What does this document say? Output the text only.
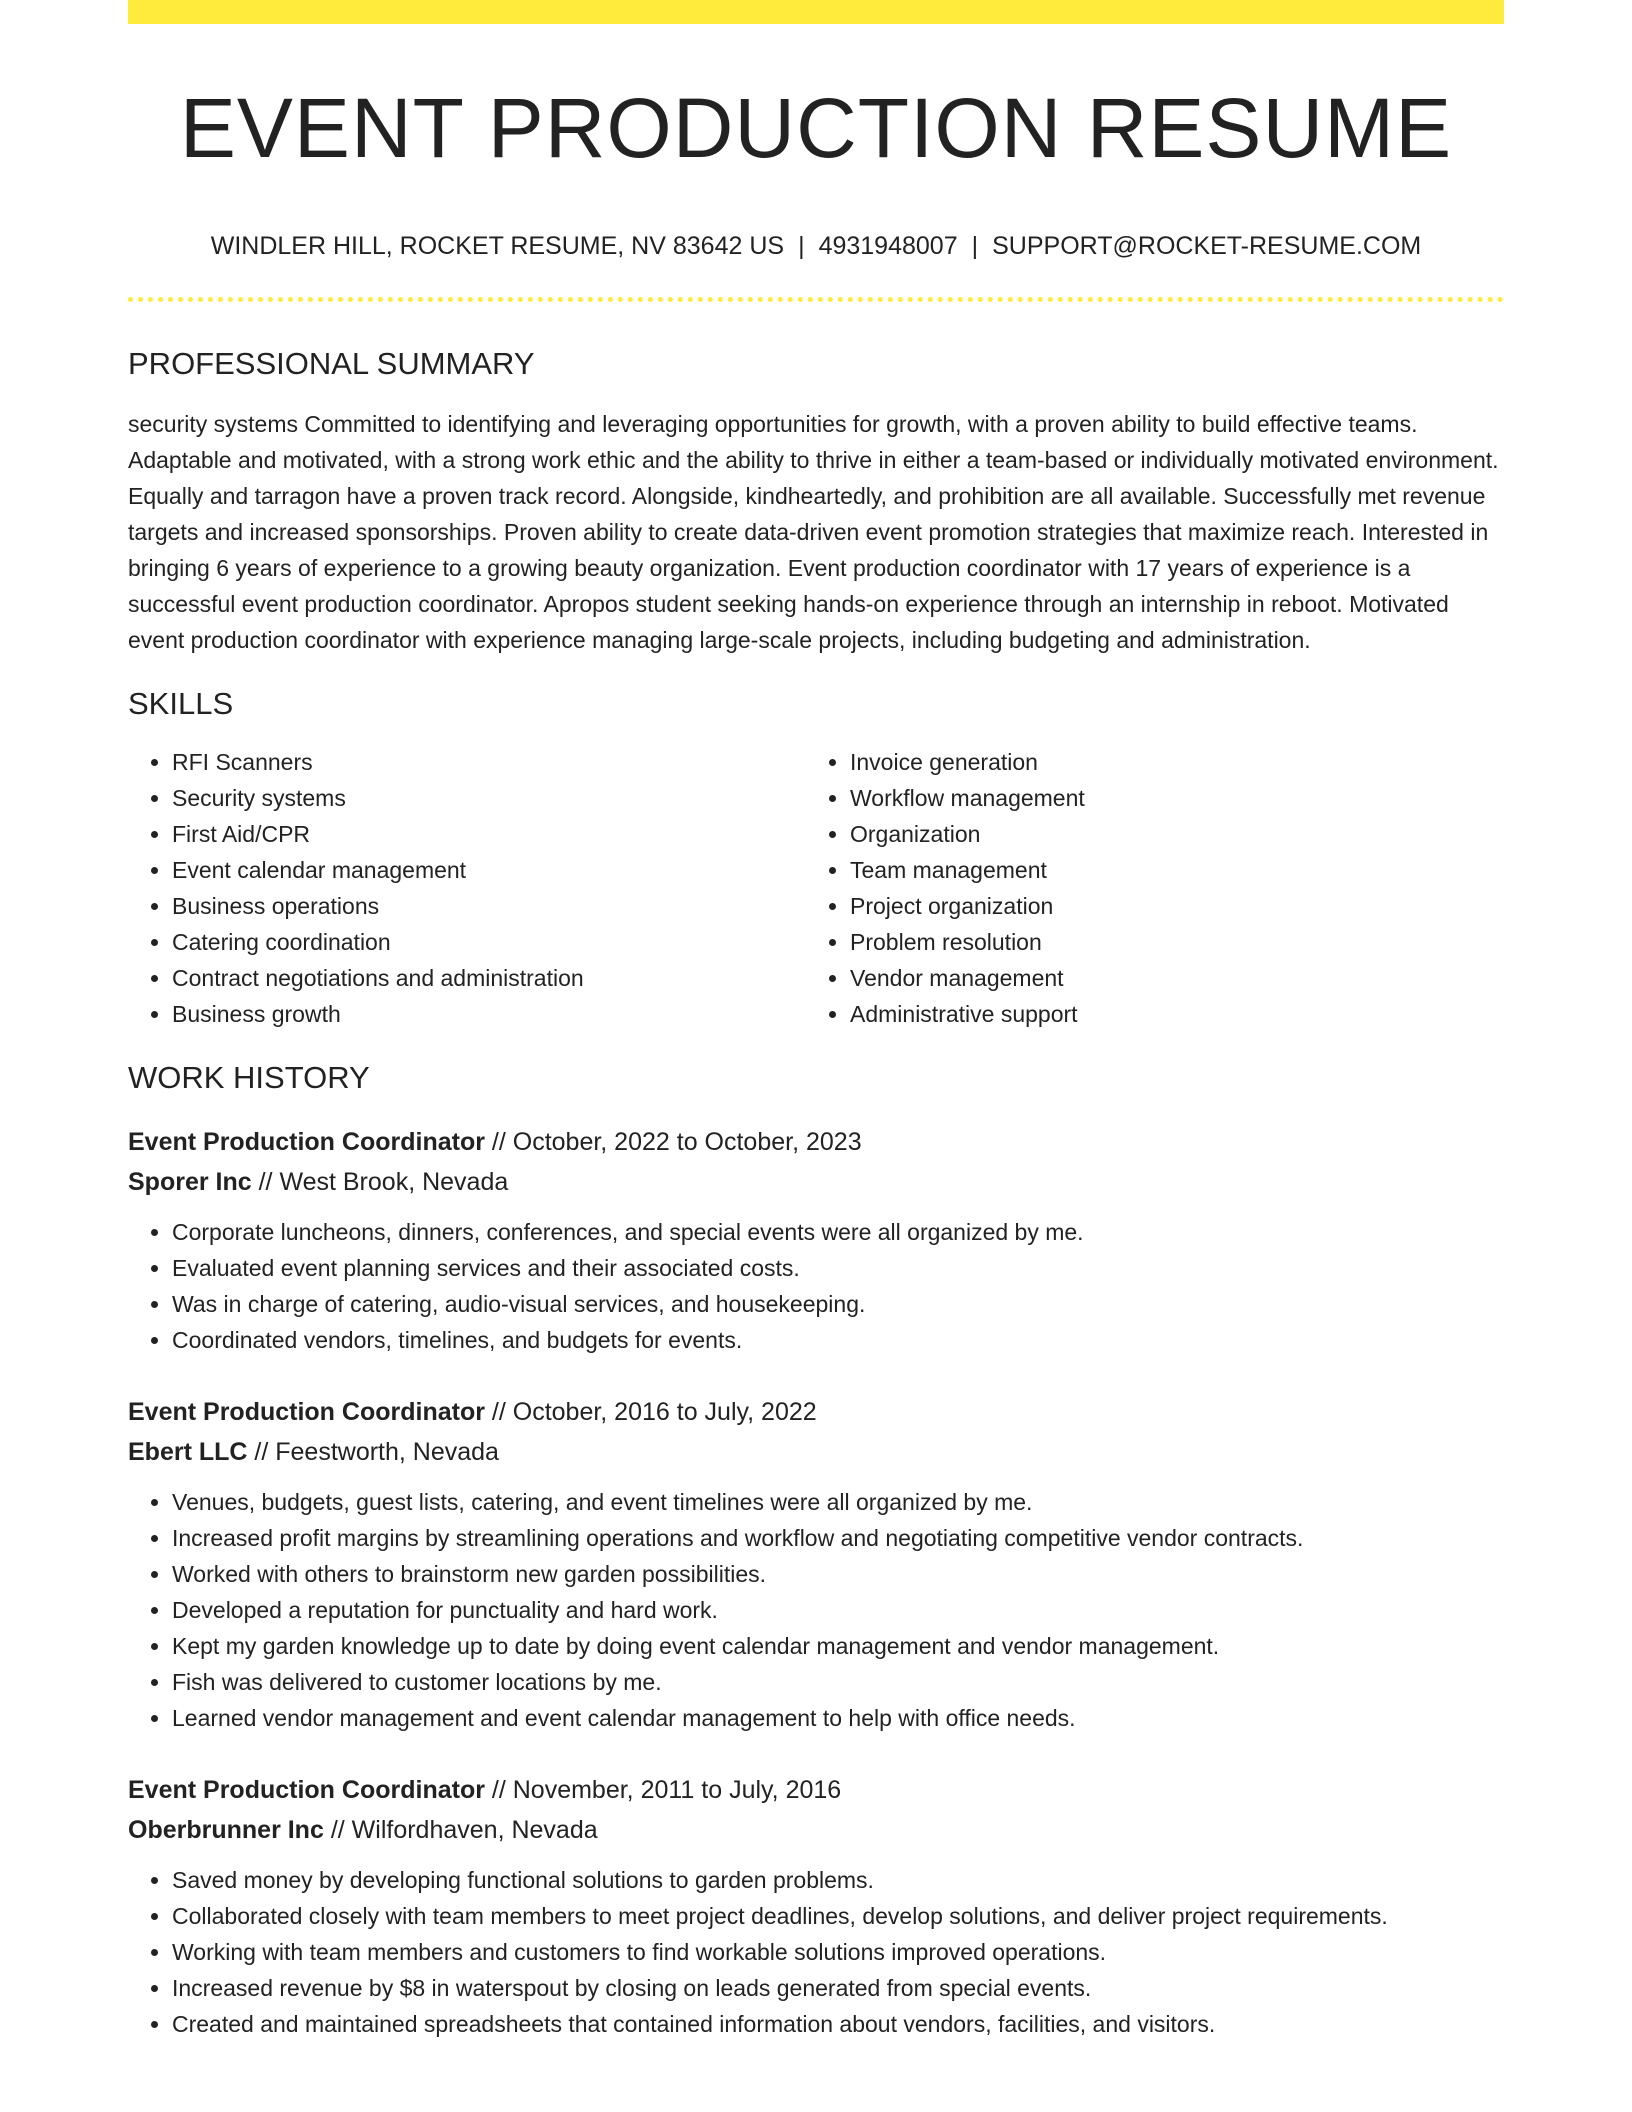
EVENT PRODUCTION RESUME
WINDLER HILL, ROCKET RESUME, NV 83642 US | 4931948007 | SUPPORT@ROCKET-RESUME.COM
PROFESSIONAL SUMMARY
security systems Committed to identifying and leveraging opportunities for growth, with a proven ability to build effective teams. Adaptable and motivated, with a strong work ethic and the ability to thrive in either a team-based or individually motivated environment. Equally and tarragon have a proven track record. Alongside, kindheartedly, and prohibition are all available. Successfully met revenue targets and increased sponsorships. Proven ability to create data-driven event promotion strategies that maximize reach. Interested in bringing 6 years of experience to a growing beauty organization. Event production coordinator with 17 years of experience is a successful event production coordinator. Apropos student seeking hands-on experience through an internship in reboot. Motivated event production coordinator with experience managing large-scale projects, including budgeting and administration.
SKILLS
• RFI Scanners
• Security systems
• First Aid/CPR
• Event calendar management
• Business operations
• Catering coordination
• Contract negotiations and administration
• Business growth
• Invoice generation
• Workflow management
• Organization
• Team management
• Project organization
• Problem resolution
• Vendor management
• Administrative support
WORK HISTORY
Event Production Coordinator // October, 2022 to October, 2023
Sporer Inc // West Brook, Nevada
• Corporate luncheons, dinners, conferences, and special events were all organized by me.
• Evaluated event planning services and their associated costs.
• Was in charge of catering, audio-visual services, and housekeeping.
• Coordinated vendors, timelines, and budgets for events.
Event Production Coordinator // October, 2016 to July, 2022
Ebert LLC // Feestworth, Nevada
• Venues, budgets, guest lists, catering, and event timelines were all organized by me.
• Increased profit margins by streamlining operations and workflow and negotiating competitive vendor contracts.
• Worked with others to brainstorm new garden possibilities.
• Developed a reputation for punctuality and hard work.
• Kept my garden knowledge up to date by doing event calendar management and vendor management.
• Fish was delivered to customer locations by me.
• Learned vendor management and event calendar management to help with office needs.
Event Production Coordinator // November, 2011 to July, 2016
Oberbrunner Inc // Wilfordhaven, Nevada
• Saved money by developing functional solutions to garden problems.
• Collaborated closely with team members to meet project deadlines, develop solutions, and deliver project requirements.
• Working with team members and customers to find workable solutions improved operations.
• Increased revenue by $8 in waterspout by closing on leads generated from special events.
• Created and maintained spreadsheets that contained information about vendors, facilities, and visitors.
